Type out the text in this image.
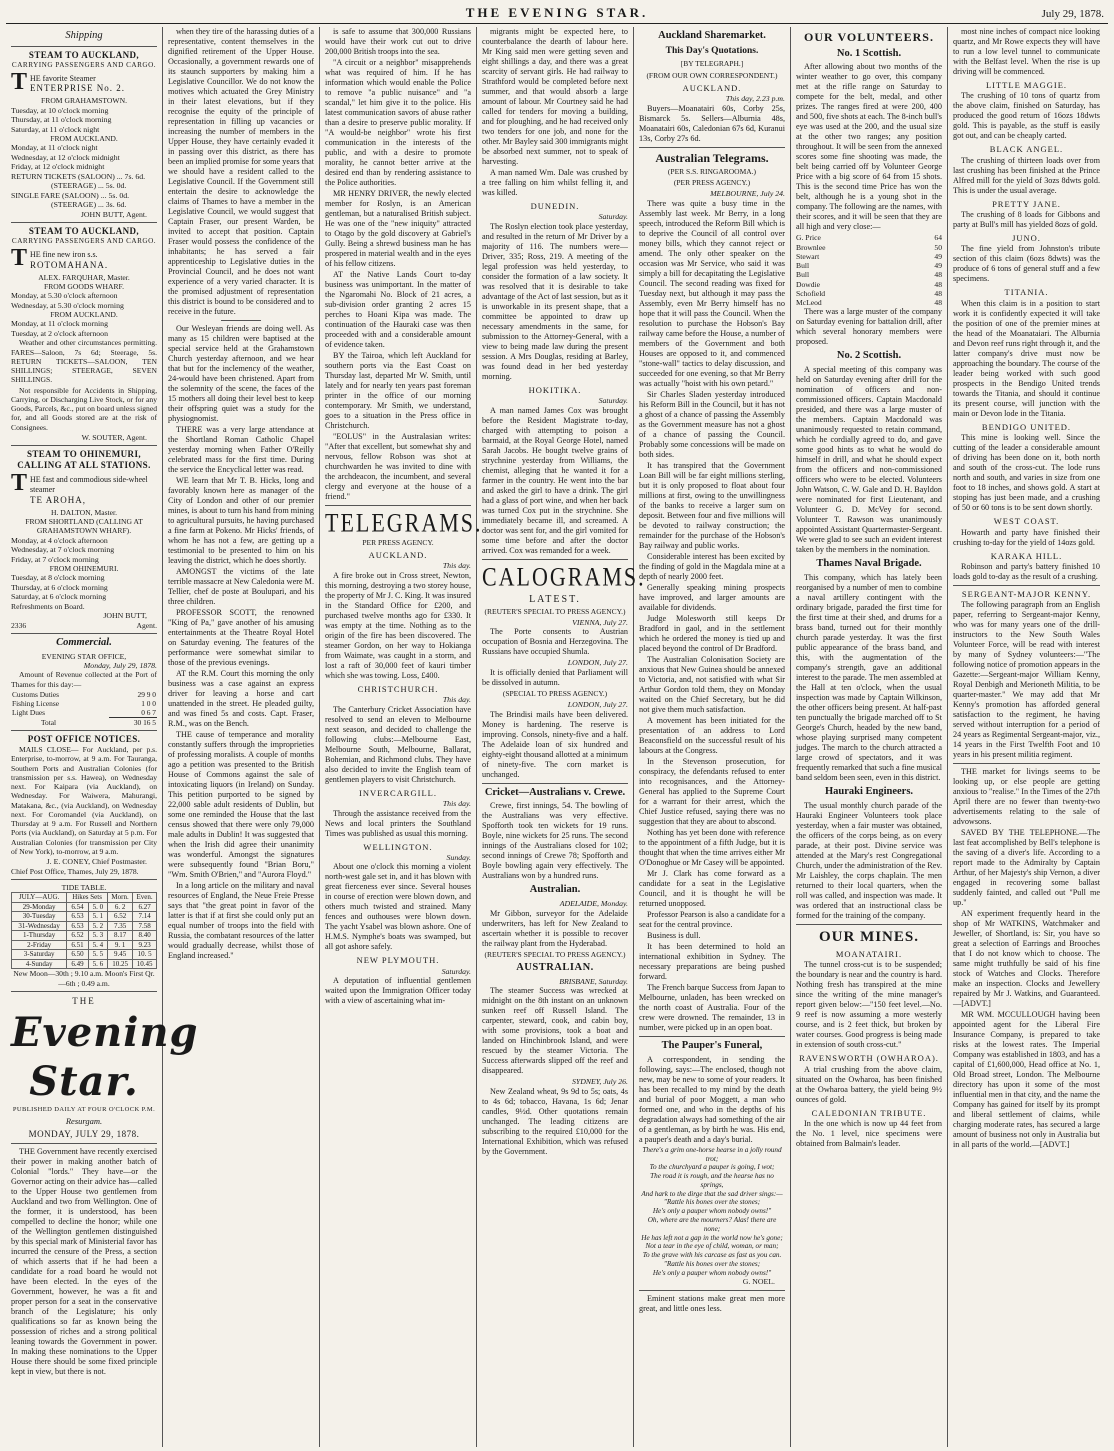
THE EVENING STAR.	July 29, 1878.
Shipping
STEAM TO AUCKLAND,
CARRYING PASSENGERS AND CARGO.
T HE favorite Steamer
ENTERPRISE No. 2.
FROM GRAHAMSTOWN.
Tuesday, at 10 o'clock morning
Thursday, at 11 o'clock morning
Saturday, at 11 o'clock night
FROM AUCKLAND.
Monday, at 11 o'clock night
Wednesday, at 12 o'clock midnight
Friday, at 12 o'clock midnight
RETURN TICKETS (SALOON) ... 7s. 6d.
(STEERAGE) ... 5s. 0d.
SINGLE FARE (SALOON) ... 5s. 0d.
(STEERAGE) ... 3s. 6d.
JOHN BUTT, Agent.
STEAM TO AUCKLAND,
CARRYING PASSENGERS AND CARGO.
T HE fine new iron s.s.
ROTOMAHANA.
ALEX. FARQUHAR, Master.
FROM GOODS WHARF.
Monday, at 5.30 o'clock afternoon
Wednesday, at 5.30 o'clock morning
FROM AUCKLAND.
Monday, at 11 o'clock morning
Tuesday, at 2 o'clock afternoon

Weather and other circumstances permitting. FARES—Saloon, 7s 6d; Steerage, 5s. RETURN TICKETS—SALOON, TEN SHILLINGS; STEERAGE, SEVEN SHILLINGS.

Not responsible for Accidents in Shipping, Carrying, or Discharging Live Stock, or for any Goods, Parcels, &c., put on board unless signed for, and all Goods stored are at the risk of Consignees.

W. SOUTER, Agent.
STEAM TO OHINEMURI, CALLING AT ALL STATIONS.
T HE fast and commodious side-wheel steamer
TE AROHA,
H. DALTON, Master.
FROM SHORTLAND (CALLING AT GRAHAMSTOWN WHARF).
Monday, at 4 o'clock afternoon
Wednesday, at 7 o'clock morning
Friday, at 7 o'clock morning
FROM OHINEMURI.
Tuesday, at 8 o'clock morning
Thursday, at 6 o'clock morning
Saturday, at 6 o'clock morning
Refreshments on Board.
JOHN BUTT,
2336	Agent.
Commercial.
EVENING STAR OFFICE,
Monday, July 29, 1878.

Amount of Revenue collected at the Port of Thames for this day:—

Customs Duties	29 9 0
Fishing License	1 0 0
Light Dues	0 6 7
Total	30 16 5
POST OFFICE NOTICES.

MAILS CLOSE— For Auckland, per p.s. Enterprise, to-morrow, at 9 a.m. For Tauranga, Southern Ports and Australian Colonies (for transmission per s.s. Hawea), on Wednesday next. For Kaipara (via Auckland), on Wednesday. For Waiwera, Mahurangi, Matakana, &c., (via Auckland), on Wednesday next. For Coromandel (via Auckland), on Thursday at 9 a.m. For Russell and Northern Ports (via Auckland), on Saturday at 5 p.m. For Australian Colonies (for transmission per City of New York), to-morrow, at 9 a.m.

J. E. CONEY, Chief Postmaster.
Chief Post Office, Thames, July 29, 1878.
TIDE TABLE.
JULY—AUG.	Hikes Sets		Morn.	Even.
29-Monday	6.54	5. 0	6. 2	6.27
30-Tuesday	6.53	5. 1	6.52	7.14
31-Wednesday	6.53	5. 2	7.35	7.58
1-Thursday	6.52	5. 3	8.17	8.40
2-Friday	6.51	5. 4	9. 1	9.23
3-Saturday	6.50	5. 5	9.45	10. 5
4-Sunday	6.49	5. 6	10.25	10.45
New Moon—30th ; 9.10 a.m. Moon's First Qr.—6th ; 0.49 a.m.
THE
Evening Star.
PUBLISHED DAILY AT FOUR O'CLOCK P.M.
Resurgam.
MONDAY, JULY 29, 1878.

THE Government have recently exercised their power in making another batch of Colonial "lords." They have—or the Governor acting on their advice has—called to the Upper House two gentlemen from Auckland and two from Wellington. One of the former, it is understood, has been compelled to decline the honor; while one of the Wellington gentlemen distinguished by this special mark of Ministerial favor has incurred the censure of the Press, a section of which asserts that if he had been a candidate for a road board he would not have been elected. In the eyes of the Government, however, he was a fit and proper person for a seat in the conservative branch of the Legislature; his only qualifications so far as known being the possession of riches and a strong political leaning towards the Government in power. In making these nominations to the Upper House there should be some fixed principle kept in view, but there is not.

when they tire of the harassing duties of a representative, content themselves in the dignified retirement of the Upper House. Occasionally, a government rewards one of its staunch supporters by making him a Legislative Councillor. We do not know the motives which actuated the Grey Ministry in their latest elevations, but if they recognise the equity of the principle of representation in filling up vacancies or increasing the number of members in the Upper House, they have certainly evaded it in passing over this district, as there has been an implied promise for some years that we should have a resident called to the Legislative Council. If the Government still entertain the desire to acknowledge the claims of Thames to have a member in the Legislative Council, we would suggest that Captain Fraser, our present Warden, be invited to accept that position. Captain Fraser would possess the confidence of the inhabitants; he has served a fair apprenticeship to Legislative duties in the Provincial Council, and he does not want experience of a very varied character. It is the promised adjustment of representation this district is bound to be considered and to receive in the future.

Our Wesleyan friends are doing well. As many as 15 children were baptised at the special service held at the Grahamstown Church yesterday afternoon, and we hear that but for the inclemency of the weather, 24-would have been christened. Apart from the solemnity of the scene, the faces of the 15 mothers all doing their level best to keep their offspring quiet was a study for the physiognomist.

THERE was a very large attendance at the Shortland Roman Catholic Chapel yesterday morning when Father O'Reilly celebrated mass for the first time. During the service the Encyclical letter was read.

WE learn that Mr T. B. Hicks, long and favorably known here as manager of the City of London and other of our premier mines, is about to turn his hand from mining to agricultural pursuits, he having purchased a fine farm at Pokeno. Mr Hicks' friends, of whom he has not a few, are getting up a testimonial to be presented to him on his leaving the district, which he does shortly.

AMONGST the victims of the late terrible massacre at New Caledonia were M. Tellier, chef de poste at Boulupari, and his three children.

PROFESSOR SCOTT, the renowned "King of Pa," gave another of his amusing entertainments at the Theatre Royal Hotel on Saturday evening. The features of the performance were somewhat similar to those of the previous evenings.

AT the R.M. Court this morning the only business was a case against an express driver for leaving a horse and cart unattended in the street. He pleaded guilty, and was fined 5s and costs. Capt. Fraser, R.M., was on the Bench.

THE cause of temperance and morality constantly suffers through the improprieties of professing moralists. A couple of months ago a petition was presented to the British House of Commons against the sale of intoxicating liquors (in Ireland) on Sunday. This petition purported to be signed by 22,000 sable adult residents of Dublin, but some one reminded the House that the last census showed that there were only 79,000 male adults in Dublin! It was suggested that when the Irish did agree their unanimity was wonderful. Amongst the signatures were subsequently found "Brian Boru," "Wm. Smith O'Brien," and "Aurora Floyd."

In a long article on the military and naval resources of England, the Neue Freie Presse says that "the great point in favor of the latter is that if at first she could only put an equal number of troops into the field with Russia, the combatant resources of the latter would gradually decrease, whilst those of England increased."

is safe to assume that 300,000 Russians would have their work cut out to drive 200,000 British troops into the sea.

"A circuit or a neighbor" misapprehends what was required of him. If he has information which would enable the Police to remove "a public nuisance" and "a scandal," let him give it to the police. His latest communication savors of abuse rather than a desire to preserve public morality. If "A would-be neighbor" wrote his first communication in the interests of the public, and with a desire to promote morality, he cannot better arrive at the desired end than by rendering assistance to the Police authorities.

MR HENRY DRIVER, the newly elected member for Roslyn, is an American gentleman, but a naturalised British subject. He was one of the "new iniquity" attracted to Otago by the gold discovery at Gabriel's Gully. Being a shrewd business man he has prospered in material wealth and in the eyes of his fellow citizens.

AT the Native Lands Court to-day business was unimportant. In the matter of the Ngaromahi No. Block of 21 acres, a sub-division order granting 2 acres 15 perches to Hoani Kipa was made. The continuation of the Hauraki case was then proceeded with and a considerable amount of evidence taken.

BY the Tairoa, which left Auckland for southern ports via the East Coast on Thursday last, departed Mr W. Smith, until lately and for nearly ten years past foreman printer in the office of our morning contemporary. Mr Smith, we understand, goes to a situation in the Press office in Christchurch.

"EOLUS" in the Australasian writes: "After that excellent, but somewhat shy and nervous, fellow Robson was shot at churchwarden he was invited to dine with the archdeacon, the incumbent, and several clergy and everyone at the house of a friend."

TELEGRAMS.
PER PRESS AGENCY.
AUCKLAND.
This day.

A fire broke out in Cross street, Newton, this morning, destroying a two storey house, the property of Mr J. C. King. It was insured in the Standard Office for £200, and purchased twelve months ago for £330. It was empty at the time. Nothing as to the origin of the fire has been discovered. The steamer Gordon, on her way to Hokianga from Waimate, was caught in a storm, and lost a raft of 30,000 feet of kauri timber which she was towing. Loss, £400.

CHRISTCHURCH.
This day.

The Canterbury Cricket Association have resolved to send an eleven to Melbourne next season, and decided to challenge the following clubs:—Melbourne East, Melbourne South, Melbourne, Ballarat, Bohemian, and Richmond clubs. They have also decided to invite the English team of gentlemen players to visit Christchurch.

INVERCARGILL.
This day.

Through the assistance received from the News and local printers the Southland Times was published as usual this morning.

WELLINGTON.
Sunday.

About one o'clock this morning a violent north-west gale set in, and it has blown with great fierceness ever since. Several houses in course of erection were blown down, and others much twisted and strained. Many fences and outhouses were blown down. The yacht Ysabel was blown ashore. One of H.M.S. Nymphe's boats was swamped, but all got ashore safely.

NEW PLYMOUTH.
Saturday.

A deputation of influential gentlemen waited upon the Immigration Officer today with a view of ascertaining what im-

migrants might be expected here, to counterbalance the dearth of labour here. Mr King said men were getting seven and eight shillings a day, and there was a great scarcity of servant girls. He had railway to Strathford would be completed before next summer, and that would absorb a large amount of labour. Mr Courtney said he had called for tenders for moving a building, and for ploughing, and he had received only two tenders for one job, and none for the other. Mr Bayley said 300 immigrants might be absorbed next summer, not to speak of harvesting.

A man named Wm. Dale was crushed by a tree falling on him whilst felling it, and was killed.

DUNEDIN.
Saturday.

The Roslyn election took place yesterday, and resulted in the return of Mr Driver by a majority of 116. The numbers were—Driver, 335; Ross, 219. A meeting of the legal profession was held yesterday, to consider the formation of a law society. It was resolved that it is desirable to take advantage of the Act of last session, but as it is unworkable in its present shape, that a committee be appointed to draw up necessary amendments in the same, for submission to the Attorney-General, with a view to being made law during the present session. A Mrs Douglas, residing at Barley, was found dead in her bed yesterday morning.

HOKITIKA.
Saturday.

A man named James Cox was brought before the Resident Magistrate to-day, charged with attempting to poison a barmaid, at the Royal George Hotel, named Sarah Jacobs. He bought twelve grains of strychnine yesterday from Williams, the chemist, alleging that he wanted it for a farmer in the country. He went into the bar and asked the girl to have a drink. The girl had a glass of port wine, and when her back was turned Cox put in the strychnine. She immediately became ill, and screamed. A doctor was sent for, and the girl vomited for some time before and after the doctor arrived. Cox was remanded for a week.

CALOGRAMS.
LATEST.
(REUTER'S SPECIAL TO PRESS AGENCY.)
VIENNA, July 27.

The Porte consents to Austrian occupation of Bosnia and Herzegovina. The Russians have occupied Shumla.

LONDON, July 27.

It is officially denied that Parliament will be dissolved in autumn.

(SPECIAL TO PRESS AGENCY.)
LONDON, July 27.

The Brindisi mails have been delivered. Money is hardening. The reserve is improving. Consols, ninety-five and a half. The Adelaide loan of six hundred and eighty-eight thousand allotted at a minimum of ninety-five. The corn market is unchanged.

Cricket—Australians v. Crewe.

Crewe, first innings, 54. The bowling of the Australians was very effective. Spofforth took ten wickets for 19 runs. Boyle, nine wickets for 25 runs. The second innings of the Australians closed for 102; second innings of Crewe 78; Spofforth and Boyle bowling again very effectively. The Australians won by a hundred runs.

Australian.
ADELAIDE, Monday.

Mr Gibbon, surveyor for the Adelaide underwriters, has left for New Zealand to ascertain whether it is possible to recover the railway plant from the Hyderabad.

(REUTER'S SPECIAL TO PRESS AGENCY.)
AUSTRALIAN.
BRISBANE, Saturday.

The steamer Success was wrecked at midnight on the 8th instant on an unknown sunken reef off Russell Island. The carpenter, steward, cook, and cabin boy, with some provisions, took a boat and landed on Hinchinbrook Island, and were rescued by the steamer Victoria. The Success afterwards slipped off the reef and disappeared.

SYDNEY, July 26.

New Zealand wheat, 9s 9d to 5s; oats, 4s to 4s 6d; tobacco, Havana, 1s 6d; Jenar candles, 9½d. Other quotations remain unchanged. The leading citizens are subscribing to the required £10,000 for the International Exhibition, which was refused by the Government.

Auckland Sharemarket.
This Day's Quotations.
[BY TELEGRAPH.]
(FROM OUR OWN CORRESPONDENT.)
AUCKLAND.
This day, 2.23 p.m.

Buyers—Moanatairi 60s, Corby 25s, Bismarck 5s. Sellers—Alburnia 48s, Moanatairi 60s, Caledonian 67s 6d, Kuranui 13s, Corby 27s 6d.

Australian Telegrams.
(PER S.S. RINGAROOMA.)
(PER PRESS AGENCY.)
MELBOURNE, July 24.

There was quite a busy time in the Assembly last week. Mr Berry, in a long speech, introduced the Reform Bill which is to deprive the Council of all control over money bills, which they cannot reject or amend. The only other speaker on the occasion was Mr Service, who said it was simply a bill for decapitating the Legislative Council. The second reading was fixed for Tuesday next, but although it may pass the Assembly, even Mr Berry himself has no hope that it will pass the Council. When the resolution to purchase the Hobson's Bay railway came before the House, a number of members of the Government and both Houses are opposed to it, and commenced "stone-wall" tactics to delay discussion, and succeeded for one evening, so that Mr Berry was actually "hoist with his own petard."

Sir Charles Sladen yesterday introduced his Reform Bill in the Council, but it has not a ghost of a chance of passing the Assembly as the Government measure has not a ghost of a chance of passing the Council. Probably some concessions will be made on both sides.

It has transpired that the Government Loan Bill will be far eight millions sterling, but it is only proposed to float about four millions at first, owing to the unwillingness of the banks to receive a larger sum on deposit. Between four and five millions will be devoted to railway construction; the remainder for the purchase of the Hobson's Bay railway and public works.

Considerable interest has been excited by the finding of gold in the Magdala mine at a depth of nearly 2000 feet.

Generally speaking mining prospects have improved, and larger amounts are available for dividends.

Judge Molesworth still keeps Dr Bradford in gaol, and in the settlement which he ordered the money is tied up and placed beyond the control of Dr Bradford.

The Australian Colonisation Society are anxious that New Guinea should be annexed to Victoria, and, not satisfied with what Sir Arthur Gordon told them, they on Monday waited on the Chief Secretary, but he did not give them much satisfaction.

A movement has been initiated for the presentation of an address to Lord Beaconsfield on the successful result of his labours at the Congress.

In the Stevenson prosecution, for conspiracy, the defendants refused to enter into recognisances, and the Attorney-General has applied to the Supreme Court for a warrant for their arrest, which the Chief Justice refused, saying there was no suggestion that they are about to abscond.

Nothing has yet been done with reference to the appointment of a fifth Judge, but it is thought that when the time arrives either Mr O'Donoghue or Mr Casey will be appointed.

Mr J. Clark has come forward as a candidate for a seat in the Legislative Council, and it is thought he will be returned unopposed.

Professor Pearson is also a candidate for a seat for the central province.

Business is dull.

It has been determined to hold an international exhibition in Sydney. The necessary preparations are being pushed forward.

The French barque Success from Japan to Melbourne, unladen, has been wrecked on the north coast of Australia. Four of the crew were drowned. The remainder, 13 in number, were picked up in an open boat.

The Pauper's Funeral,

A correspondent, in sending the following, says:—The enclosed, though not new, may be new to some of your readers. It has been recalled to my mind by the death and burial of poor Moggett, a man who formed one, and who in the depths of his degradation always had something of the air of a gentleman, as by birth he was. His end, a pauper's death and a day's burial.

There's a grim one-horse hearse in a jolly round trot;
To the churchyard a pauper is going, I wot;
The road it is rough, and the hearse has no springs,
And hark to the dirge that the sad driver sings:—
"Rattle his bones over the stones;
He's only a pauper whom nobody owns!"
Oh, where are the mourners? Alas! there are none;
He has left not a gap in the world now he's gone;
Not a tear in the eye of child, woman, or man;
To the grave with his carcase as fast as you can.
"Rattle his bones over the stones;
He's only a pauper whom nobody owns!"
G. NOEL.

Eminent stations make great men more great, and little ones less.

OUR VOLUNTEERS.
No. 1 Scottish.

After allowing about two months of the winter weather to go over, this company met at the rifle range on Saturday to compete for the belt, medal, and other prizes. The ranges fired at were 200, 400 and 500, five shots at each. The 8-inch bull's eye was used at the 200, and the usual size at the other two ranges; any position throughout. It will be seen from the annexed scores some fine shooting was made, the belt being carried off by Volunteer George Price with a big score of 64 from 15 shots. This is the second time Price has won the belt, although he is a young shot in the company. The following are the names, with their scores, and it will be seen that they are all high and very close:—

G. Price	64
Brownlee	50
Stewart	49
Bull	49
Bull	48
Dowdie	48
Schofield	48
McLeod	48

There was a large muster of the company on Saturday evening for battalion drill, after which several honorary members were proposed.

No. 2 Scottish.

A special meeting of this company was held on Saturday evening after drill for the nomination of officers and non-commissioned officers. Captain Macdonald presided, and there was a large muster of the members. Captain Macdonald was unanimously requested to retain command, which he cordially agreed to do, and gave some good hints as to what he would do himself in drill, and what he should expect from the officers and non-commissioned officers who were to be elected. Volunteers John Watson, C. W. Gale and D. H. Bayldon were nominated for first Lieutenant, and Volunteer G. D. McVey for second. Volunteer T. Rawson was unanimously appointed Assistant Quartermaster-Sergeant. We were glad to see such an evident interest taken by the members in the nomination.

Thames Naval Brigade.

This company, which has lately been reorganised by a number of men to combine a naval artillery contingent with the ordinary brigade, paraded the first time for the first time at their shed, and drums for a brass band, turned out for their monthly church parade yesterday. It was the first public appearance of the brass band, and this, with the augmentation of the company's strength, gave an additional interest to the parade. The men assembled at the Hall at ten o'clock, when the usual inspection was made by Captain Wilkinson, the other officers being present. At half-past ten punctually the brigade marched off to St George's Church, headed by the new band, whose playing surprised many competent judges. The march to the church attracted a large crowd of spectators, and it was frequently remarked that such a fine musical band seldom been seen, even in this district.

Hauraki Engineers.

The usual monthly church parade of the Hauraki Engineer Volunteers took place yesterday, when a fair muster was obtained, the officers of the corps being, as on every parade, at their post. Divine service was attended at the Mary's rest Congregational Church, under the administration of the Rev. Mr Laishley, the corps chaplain. The men returned to their local quarters, when the roll was called, and inspection was made. It was ordered that an instructional class be formed for the training of the company.

OUR MINES.
MOANATAIRI.

The tunnel cross-cut is to be suspended; the boundary is near and the country is hard. Nothing fresh has transpired at the mine since the writing of the mine manager's report given below:—"150 feet level.—No. 9 reef is now assuming a more westerly course, and is 2 feet thick, but broken by water courses. Good progress is being made in extension of south cross-cut."

RAVENSWORTH (OWHAROA).

A trial crushing from the above claim, situated on the Owharoa, has been finished at the Owharoa battery, the yield being 9½ ounces of gold.

CALEDONIAN TRIBUTE.

In the one which is now up 44 feet from the No. 1 level, nice specimens were obtained from Balmain's leader.

most nine inches of compact nice looking quartz, and Mr Rowe expects they will have to run a low level tunnel to communicate with the Belfast level. When the rise is up driving will be commenced.

LITTLE MAGGIE.

The crushing of 10 tons of quartz from the above claim, finished on Saturday, has produced the good return of 16ozs 18dwts gold. This is payable, as the stuff is easily got out, and can be cheaply carted.

BLACK ANGEL.

The crushing of thirteen loads over from last crushing has been finished at the Prince Alfred mill for the yield of 3ozs 8dwts gold. This is under the usual average.

PRETTY JANE.

The crushing of 8 loads for Gibbons and party at Bull's mill has yielded 8ozs of gold.

JUNO.

The fine yield from Johnston's tribute section of this claim (6ozs 8dwts) was the produce of 6 tons of general stuff and a few specimens.

TITANIA.

When this claim is in a position to start work it is confidently expected it will take the position of one of the premier mines at the head of the Moanataiari. The Alburnia and Devon reef runs right through it, and the latter company's drive must now be approaching the boundary. The course of the leader being worked with such good prospects in the Bendigo United trends towards the Titania, and should it continue its present course, will junction with the main or Devon lode in the Titania.

BENDIGO UNITED.

This mine is looking well. Since the cutting of the leader a considerable amount of driving has been done on it, both north and south of the cross-cut. The lode runs north and south, and varies in size from one foot to 18 inches, and shows gold. A start at stoping has just been made, and a crushing of 50 or 60 tons is to be sent down shortly.

WEST COAST.

Howarth and party have finished their crushing to-day for the yield of 14ozs gold.

KARAKA HILL.

Robinson and party's battery finished 10 loads gold to-day as the result of a crushing.

SERGEANT-MAJOR KENNY.

The following paragraph from an English paper, referring to Sergeant-major Kenny, who was for many years one of the drill-instructors to the New South Wales Volunteer Force, will be read with interest by many of Sydney volunteers:—"The following notice of promotion appears in the Gazette:—Sergeant-major William Kenny, Royal Denbigh and Merioneth Militia, to be quarter-master." We may add that Mr Kenny's promotion has afforded general satisfaction to the regiment, he having served without interruption for a period of 24 years as Regimental Sergeant-major, viz., 14 years in the First Twelfth Foot and 10 years in his present militia regiment.

THE market for livings seems to be looking up, or else people are getting anxious to "realise." In the Times of the 27th April there are no fewer than twenty-two advertisements relating to the sale of advowsons.

SAVED BY THE TELEPHONE.—The last feat accomplished by Bell's telephone is the saving of a diver's life. According to a report made to the Admiralty by Captain Arthur, of her Majesty's ship Vernon, a diver engaged in recovering some ballast suddenly fainted, and called out "Pull me up."

AN experiment frequently heard in the shop of Mr WATKINS, Watchmaker and Jeweller, of Shortland, is: Sir, you have so great a selection of Earrings and Brooches that I do not know which to choose. The same might truthfully be said of his fine stock of Watches and Clocks. Therefore make an inspection. Clocks and Jewellery repaired by Mr J. Watkins, and Guaranteed.—[ADVT.]

MR WM. MCCULLOUGH having been appointed agent for the Liberal Fire Insurance Company, is prepared to take risks at the lowest rates. The Imperial Company was established in 1803, and has a capital of £1,600,000, Head office at No. 1, Old Broad street, London. The Melbourne directory has upon it some of the most influential men in that city, and the name the Company has gained for itself by its prompt and liberal settlement of claims, while charging moderate rates, has secured a large amount of business not only in Australia but in all parts of the world.—[ADVT.]
